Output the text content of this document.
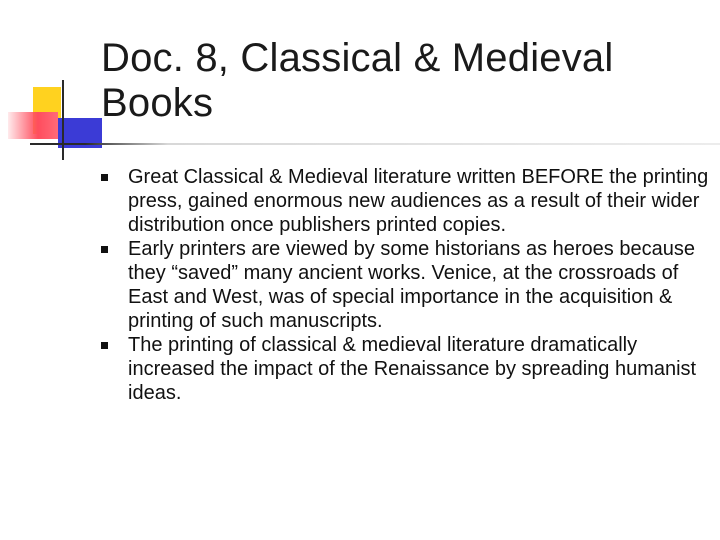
Doc. 8, Classical & Medieval Books
Great Classical & Medieval literature written BEFORE the printing press, gained enormous new audiences as a result of their wider distribution once publishers printed copies.
Early printers are viewed by some historians as heroes because they “saved” many ancient works. Venice, at the crossroads of East and West, was of special importance in the acquisition & printing of such manuscripts.
The printing of classical & medieval literature dramatically increased the impact of the Renaissance by spreading humanist ideas.
